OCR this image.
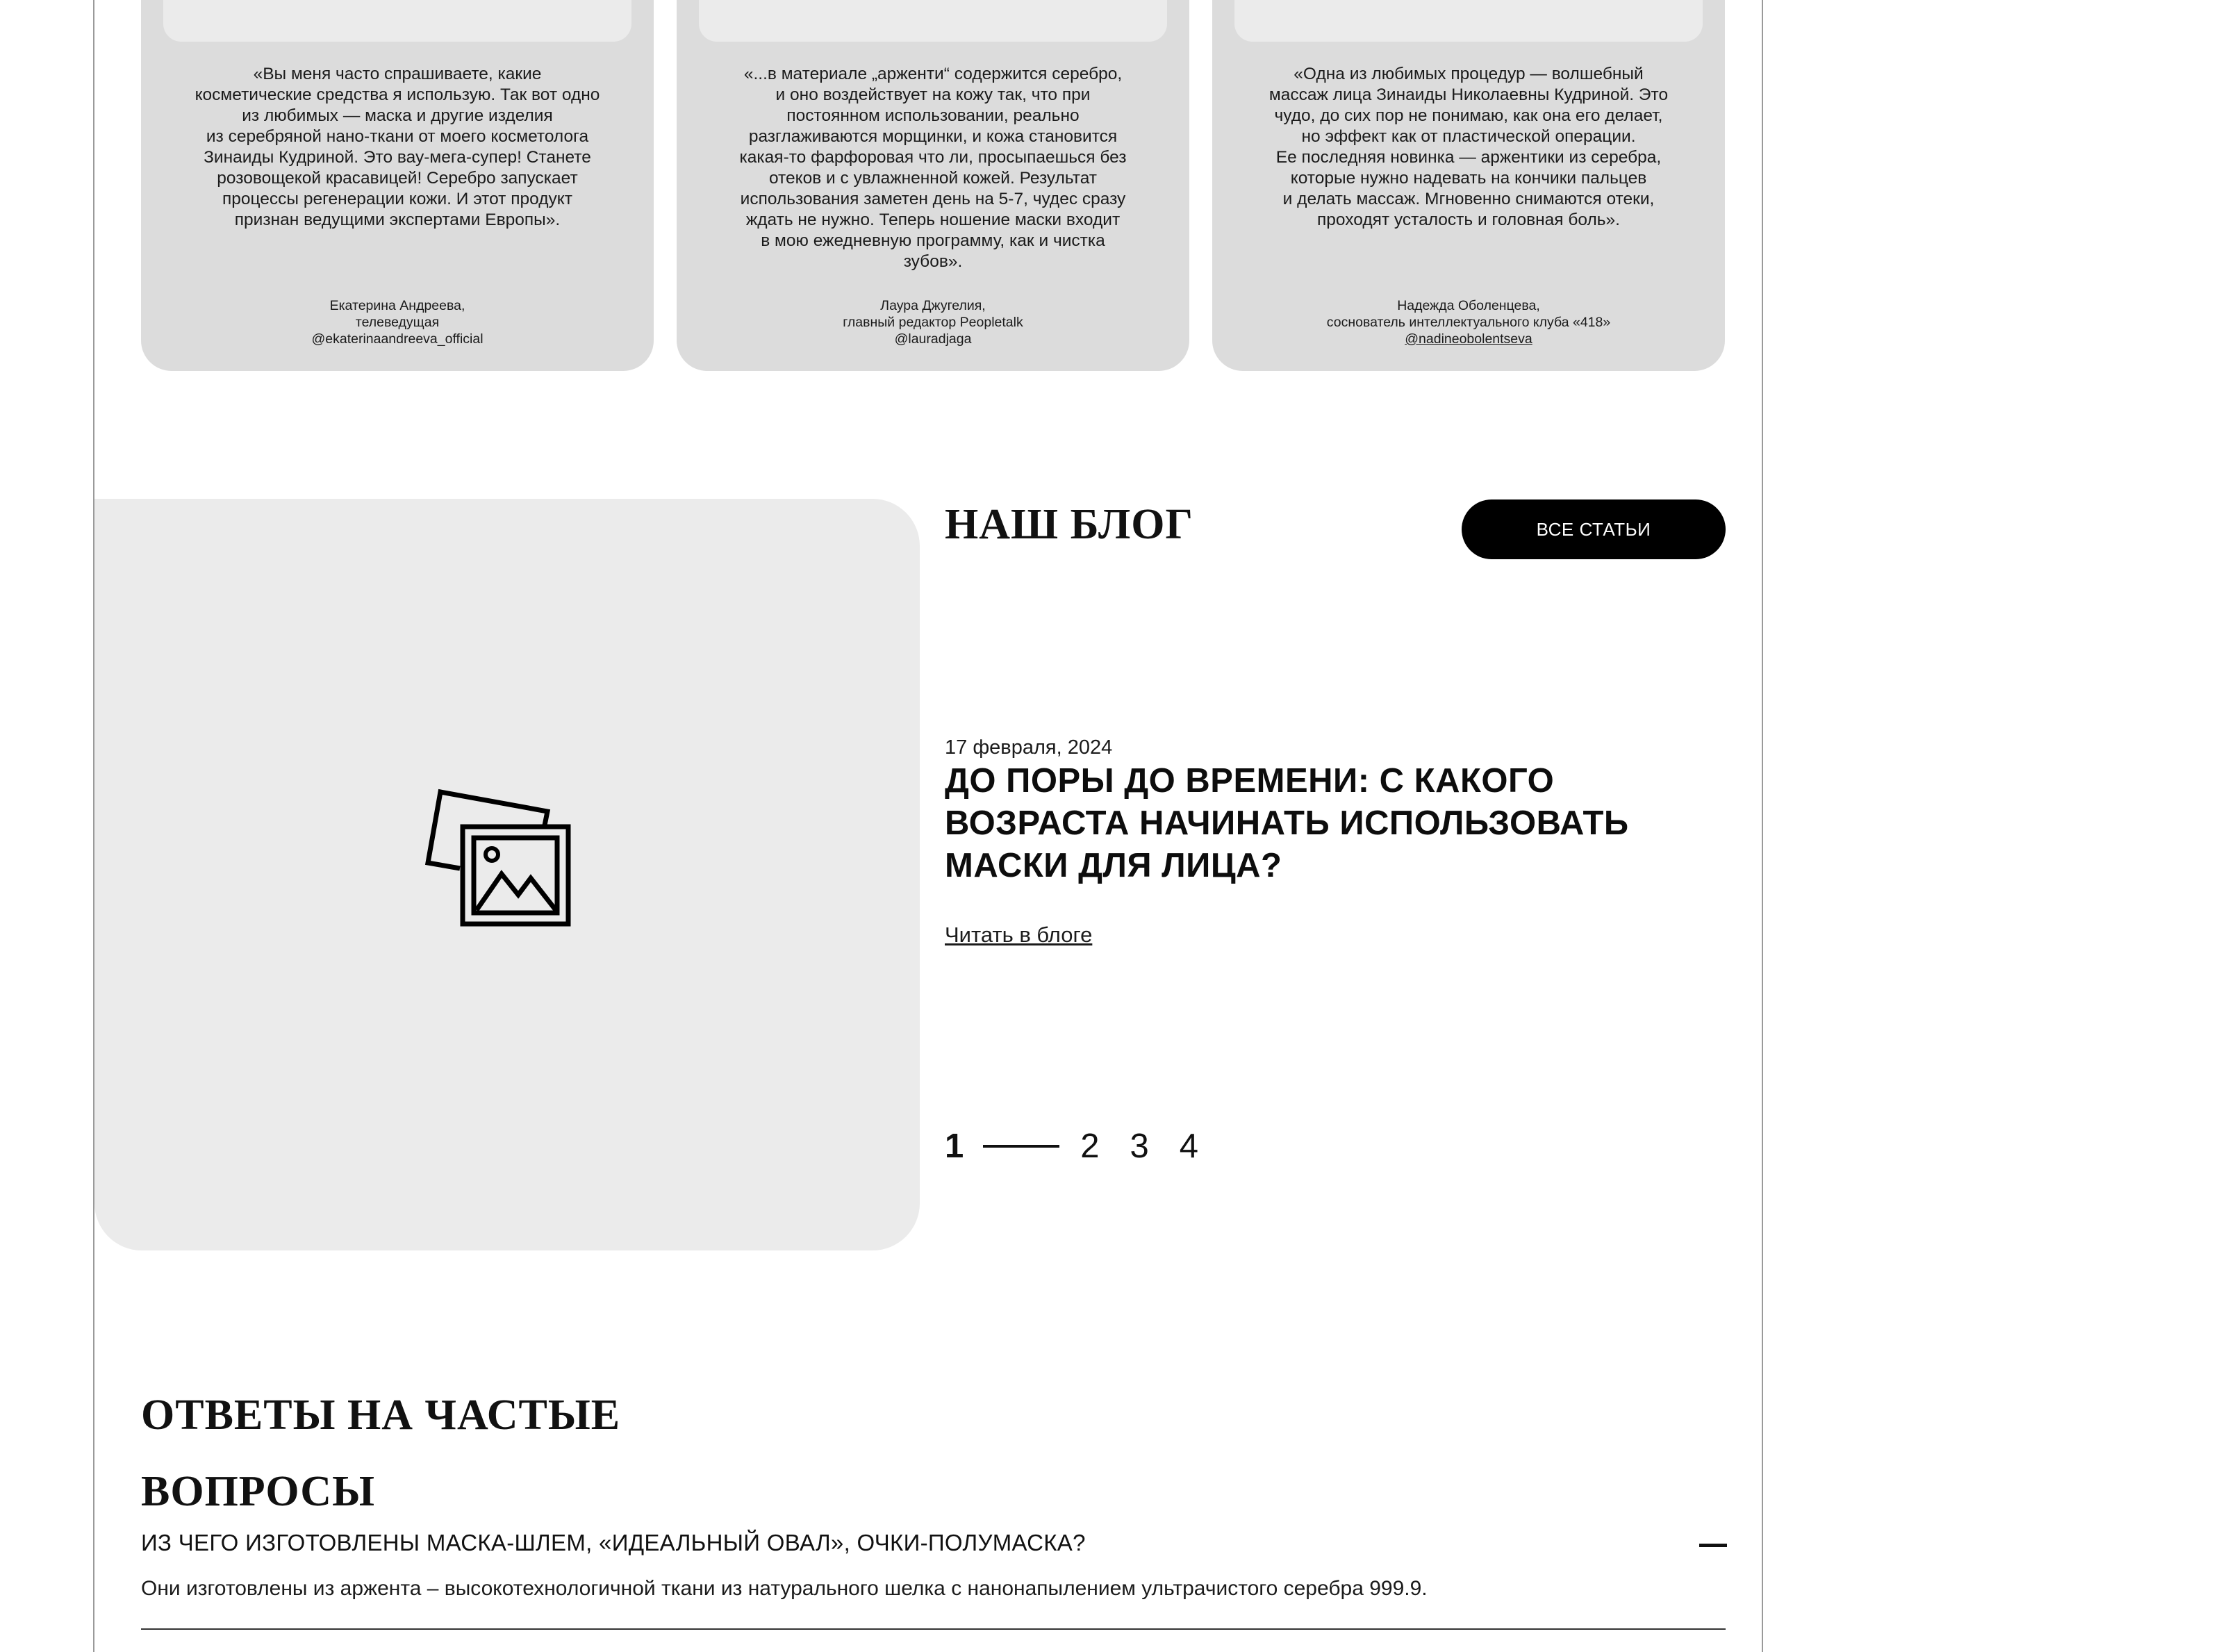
«Вы меня часто спрашиваете, какие
косметические средства я использую. Так вот одно
из любимых — маска и другие изделия
из серебряной нано-ткани от моего косметолога
Зинаиды Кудриной. Это вау-мега-супер! Станете
розовощекой красавицей! Серебро запускает
процессы регенерации кожи. И этот продукт
признан ведущими экспертами Европы».
Екатерина Андреева,
телеведущая
@ekaterinaandreeva_official
«...в материале „арженти“ содержится серебро,
и оно воздействует на кожу так, что при
постоянном использовании, реально
разглаживаются морщинки, и кожа становится
какая-то фарфоровая что ли, просыпаешься без
отеков и с увлажненной кожей. Результат
использования заметен день на 5-7, чудес сразу
ждать не нужно. Теперь ношение маски входит
в мою ежедневную программу, как и чистка
зубов».
Лаура Джугелия,
главный редактор Peopletalk
@lauradjaga
«Одна из любимых процедур — волшебный
массаж лица Зинаиды Николаевны Кудриной. Это
чудо, до сих пор не понимаю, как она его делает,
но эффект как от пластической операции.
Ее последняя новинка — аржентики из серебра,
которые нужно надевать на кончики пальцев
и делать массаж. Мгновенно снимаются отеки,
проходят усталость и головная боль».
Надежда Оболенцева,
соснователь интеллектуального клуба «418»
@nadineobolentseva
НАШ БЛОГ	ВСЕ СТАТЬИ
17 февраля, 2024
ДО ПОРЫ ДО ВРЕМЕНИ: С КАКОГО
ВОЗРАСТА НАЧИНАТЬ ИСПОЛЬЗОВАТЬ
МАСКИ ДЛЯ ЛИЦА?
Читать в блоге
1	2 3 4
ОТВЕТЫ НА ЧАСТЫЕ
ВОПРОСЫ
ИЗ ЧЕГО ИЗГОТОВЛЕНЫ МАСКА-ШЛЕМ, «ИДЕАЛЬНЫЙ ОВАЛ», ОЧКИ-ПОЛУМАСКА?
Они изготовлены из аржента – высокотехнологичной ткани из натурального шелка с нанонапылением ультрачистого серебра 999.9.
